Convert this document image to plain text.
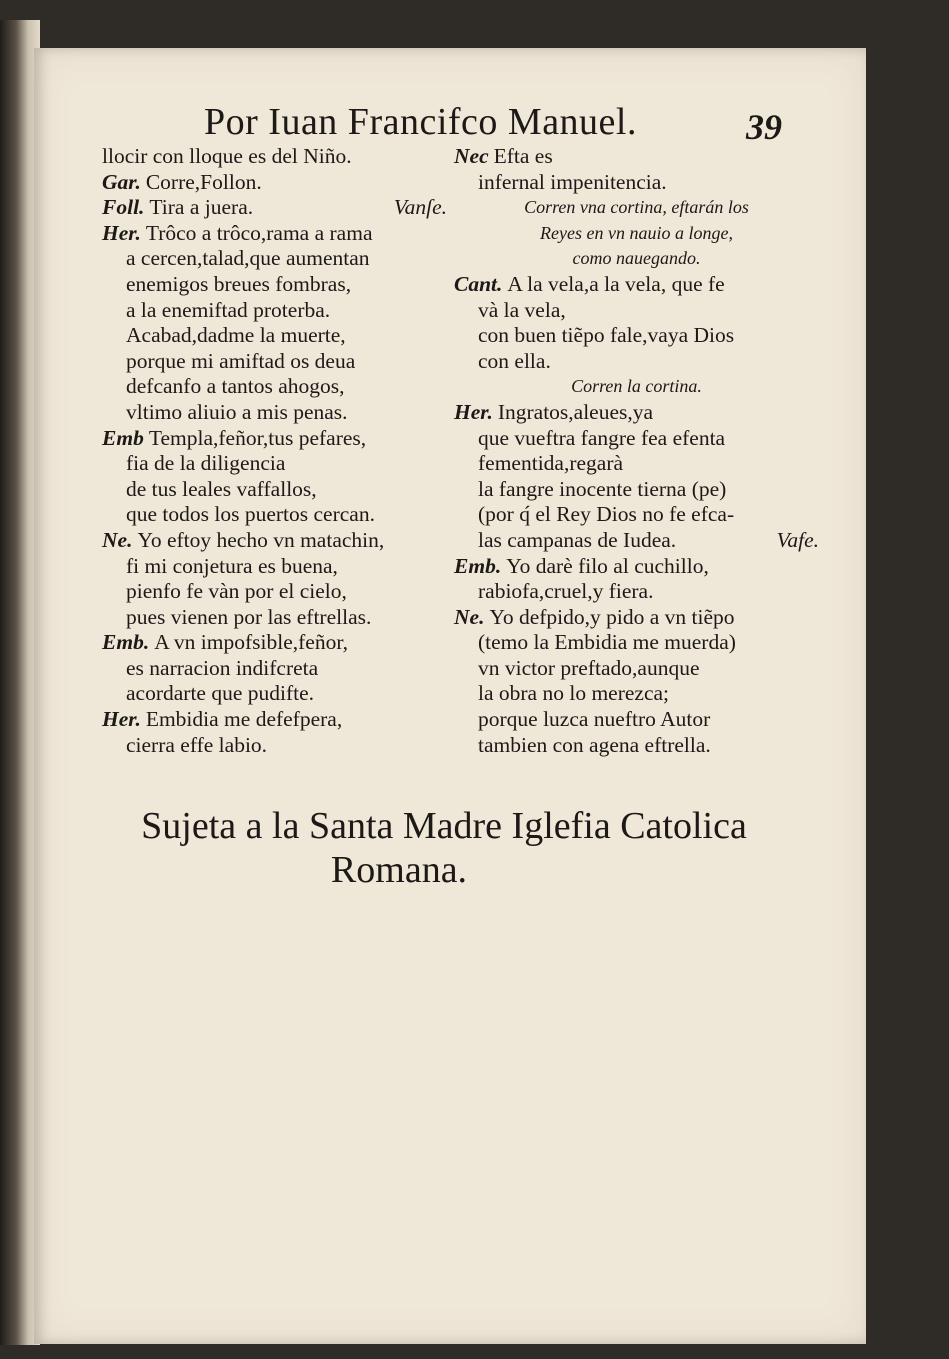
Por Iuan Francifco Manuel.	39
llocir con lloque es del Niño.
Gar. Corre,Follon.
Foll. Tira a juera.	Vanſe.
Her. Trôco a trôco,rama a rama
a cercen,talad,que aumentan
enemigos breues fombras,
a la enemiftad proterba.
Acabad,dadme la muerte,
porque mi amiftad os deua
defcanfo a tantos ahogos,
vltimo aliuio a mis penas.
Emb Templa,feñor,tus pefares,
fia de la diligencia
de tus leales vaffallos,
que todos los puertos cercan.
Ne. Yo eftoy hecho vn matachin,
fi mi conjetura es buena,
pienfo fe vàn por el cielo,
pues vienen por las eftrellas.
Emb. A vn impofsible,feñor,
es narracion indifcreta
acordarte que pudifte.
Her. Embidia me defefpera,
cierra effe labio.
Nec Efta es
infernal impenitencia.
Corren vna cortina, eftarán los
Reyes en vn nauio a longe,
como nauegando.
Cant. A la vela,a la vela, que fe
và la vela,
con buen tiẽpo fale,vaya Dios
con ella.
Corren la cortina.
Her. Ingratos,aleues,ya
que vueftra fangre fea efenta
fementida,regarà
la fangre inocente tierna (pe)
(por q́ el Rey Dios no fe efca-
las campanas de Iudea.	Vafe.
Emb. Yo darè filo al cuchillo,
rabiofa,cruel,y fiera.
Ne. Yo defpido,y pido a vn tiẽpo
(temo la Embidia me muerda)
vn victor preftado,aunque
la obra no lo merezca;
porque luzca nueftro Autor
tambien con agena eftrella.
Sujeta a la Santa Madre Iglefia Catolica
Romana.
